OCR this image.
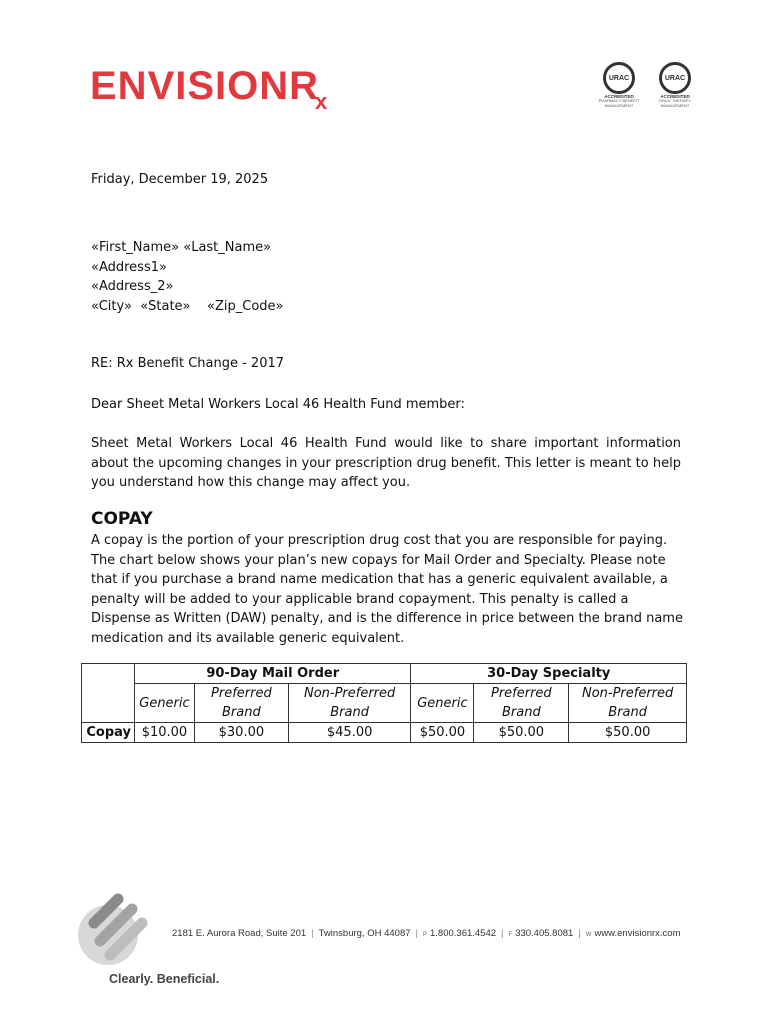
$ENVISIONR_x$
URAC
ACCREDITED
PHARMACY BENEFIT
MANAGEMENT
URAC
ACCREDITED
DRUG THERAPY
MANAGEMENT
Friday, December 19, 2025
«First_Name» «Last_Name»
«Address1»
«Address_2»
«City»  «State»    «Zip_Code»
RE: Rx Benefit Change - 2017
Dear Sheet Metal Workers Local 46 Health Fund member:
Sheet Metal Workers Local 46 Health Fund would like to share important information about the upcoming changes in your prescription drug benefit. This letter is meant to help you understand how this change may affect you.
COPAY
A copay is the portion of your prescription drug cost that you are responsible for paying. The chart below shows your plan’s new copays for Mail Order and Specialty. Please note that if you purchase a brand name medication that has a generic equivalent available, a penalty will be added to your applicable brand copayment. This penalty is called a Dispense as Written (DAW) penalty, and is the difference in price between the brand name medication and its available generic equivalent.
	90-Day Mail Order			30-Day Specialty		
	Generic	Preferred Brand	Non-Preferred Brand	Generic	Preferred Brand	Non-Preferred Brand
Copay	$10.00	$30.00	$45.00	$50.00	$50.00	$50.00
2181 E. Aurora Road, Suite 201 | Twinsburg, OH 44087 | P 1.800.361.4542 | F 330.405.8081 | W www.envisionrx.com
Clearly. Beneficial.
